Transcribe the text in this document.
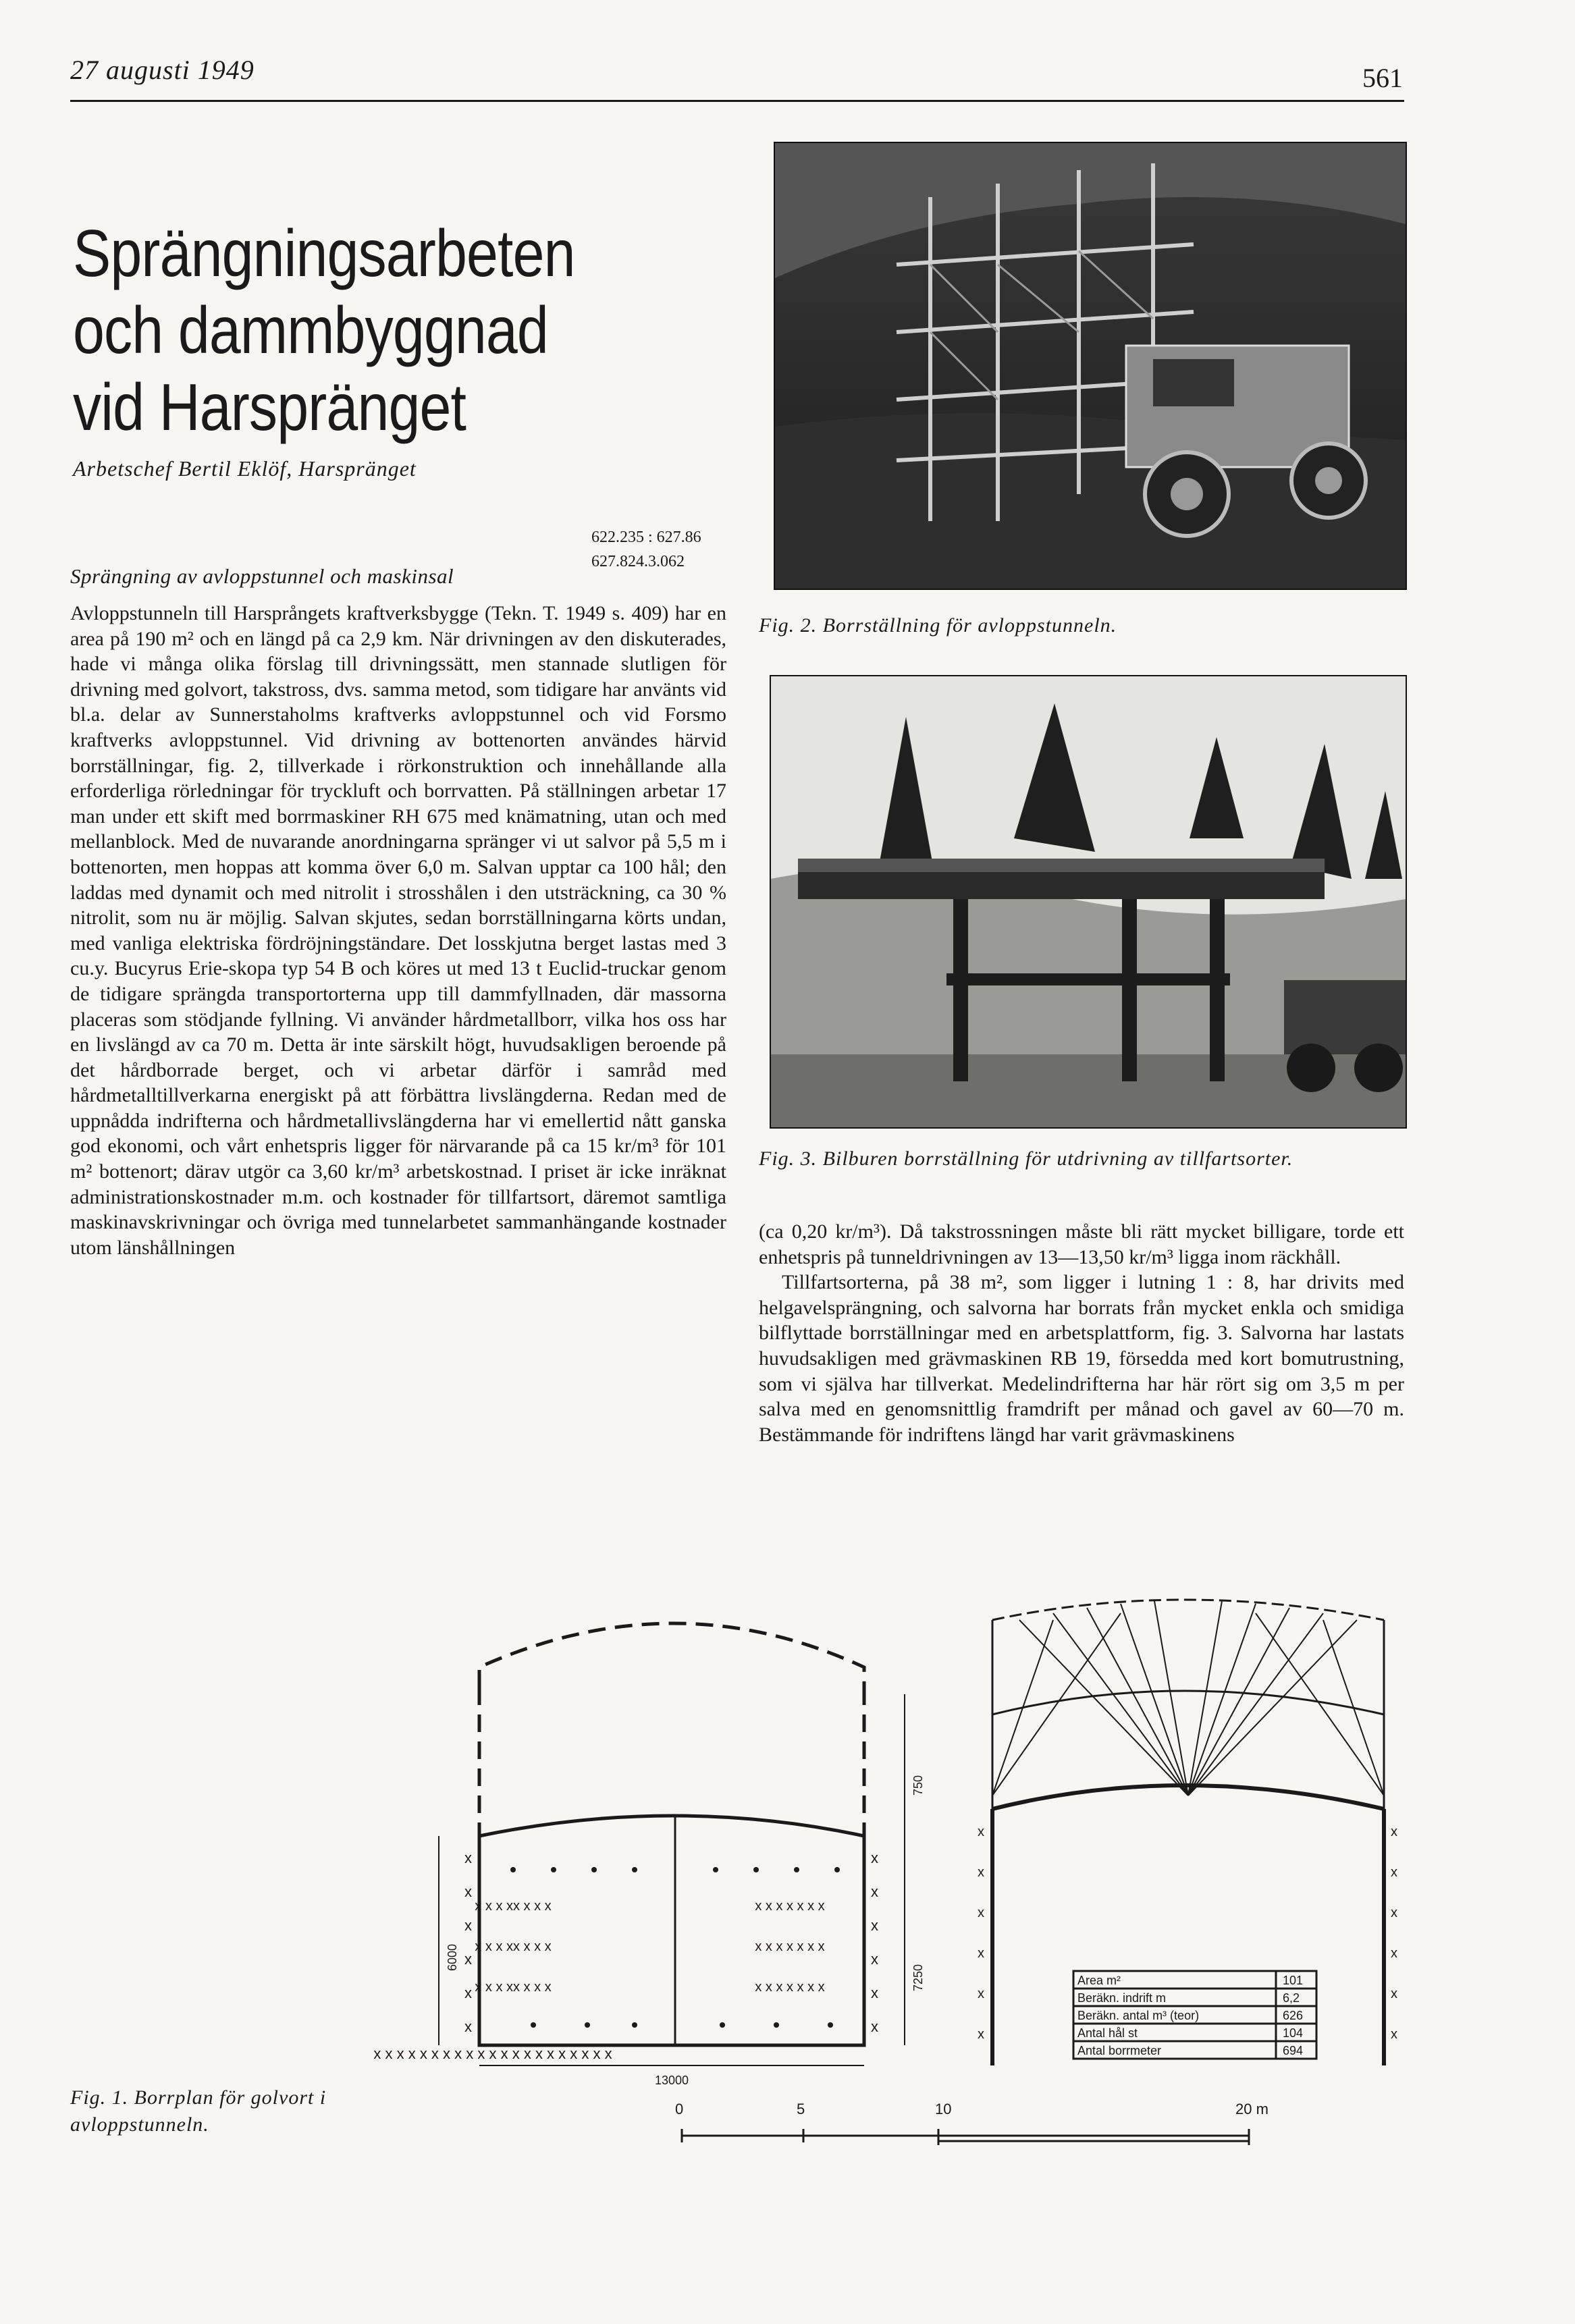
27 augusti 1949	561
Sprängningsarbeten
och dammbyggnad
vid Harspränget
Arbetschef Bertil Eklöf, Harspränget
622.235 : 627.86
627.824.3.062
Sprängning av avloppstunnel och maskinsal

Avloppstunneln till Harsprångets kraftverksbygge (Tekn. T. 1949 s. 409) har en area på 190 m² och en längd på ca 2,9 km. När drivningen av den diskuterades, hade vi många olika förslag till drivningssätt, men stannade slutligen för drivning med golvort, takstross, dvs. samma metod, som tidigare har använts vid bl.a. delar av Sunnerstaholms kraftverks avloppstunnel och vid Forsmo kraftverks avloppstunnel. Vid drivning av bottenorten användes härvid borrställningar, fig. 2, tillverkade i rörkonstruktion och innehållande alla erforderliga rörledningar för tryckluft och borrvatten. På ställningen arbetar 17 man under ett skift med borrmaskiner RH 675 med knämatning, utan och med mellanblock. Med de nuvarande anordningarna spränger vi ut salvor på 5,5 m i bottenorten, men hoppas att komma över 6,0 m. Salvan upptar ca 100 hål; den laddas med dynamit och med nitrolit i strosshålen i den utsträckning, ca 30 % nitrolit, som nu är möjlig. Salvan skjutes, sedan borrställningarna körts undan, med vanliga elektriska fördröjningständare. Det losskjutna berget lastas med 3 cu.y. Bucyrus Erie-skopa typ 54 B och köres ut med 13 t Euclid-truckar genom de tidigare sprängda transportorterna upp till dammfyllnaden, där massorna placeras som stödjande fyllning. Vi använder hårdmetallborr, vilka hos oss har en livslängd av ca 70 m. Detta är inte särskilt högt, huvudsakligen beroende på det hårdborrade berget, och vi arbetar därför i samråd med hårdmetalltillverkarna energiskt på att förbättra livslängderna. Redan med de uppnådda indrifterna och hårdmetallivslängderna har vi emellertid nått ganska god ekonomi, och vårt enhetspris ligger för närvarande på ca 15 kr/m³ för 101 m² bottenort; därav utgör ca 3,60 kr/m³ arbetskostnad. I priset är icke inräknat administrationskostnader m.m. och kostnader för tillfartsort, däremot samtliga maskinavskrivningar och övriga med tunnelarbetet sammanhängande kostnader utom länshållningen

Fig. 2. Borrställning för avloppstunneln.
Fig. 3. Bilburen borrställning för utdrivning av tillfartsorter.

(ca 0,20 kr/m³). Då takstrossningen måste bli rätt mycket billigare, torde ett enhetspris på tunneldrivningen av 13—13,50 kr/m³ ligga inom räckhåll.

Tillfartsorterna, på 38 m², som ligger i lutning 1 : 8, har drivits med helgavelsprängning, och salvorna har borrats från mycket enkla och smidiga bilflyttade borrställningar med en arbetsplattform, fig. 3. Salvorna har lastats huvudsakligen med grävmaskinen RB 19, försedda med kort bomutrustning, som vi själva har tillverkat. Medelindrifterna har här rört sig om 3,5 m per salva med en genomsnittlig framdrift per månad och gavel av 60—70 m. Bestämmande för indriftens längd har varit grävmaskinens

x x x xx x x x
x x x xx x x x
x x x xx x x x
x x x x x x x
x x x x x x x
x x x x x x x
x x x x x x x x x x x x x x x x x x x x x
x
x
x
x
x
x
x
x
x
x
x
x
6000
7250
750
13000
x
x
x
x
x
x
x
x
x
x
x
x
Area m²	101
Beräkn. indrift m	6,2
Beräkn. antal m³ (teor)	626
Antal hål st	104
Antal borrmeter	694
0	5	10	20 m
Fig. 1. Borrplan för golvort i avloppstunneln.
